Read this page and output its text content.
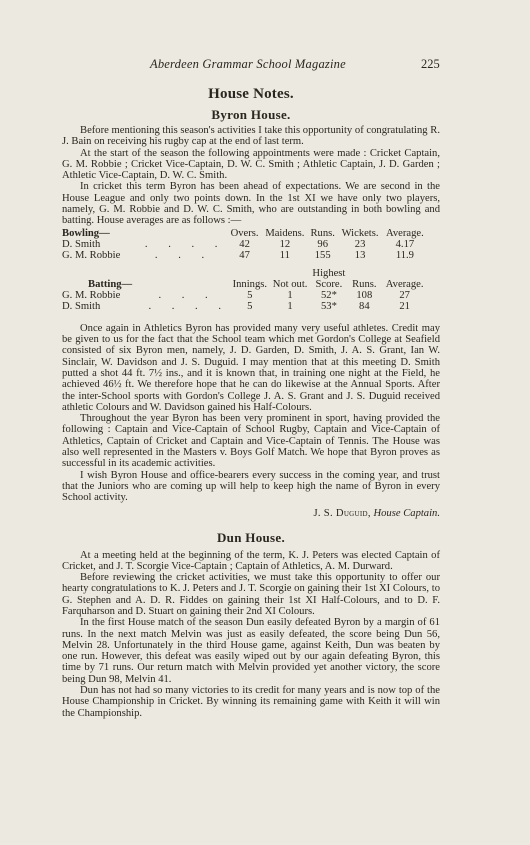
Aberdeen Grammar School Magazine	225
House Notes.
Byron House.

Before mentioning this season's activities I take this opportunity of congratulating R. J. Bain on receiving his rugby cap at the end of last term.

At the start of the season the following appointments were made : Cricket Captain, G. M. Robbie ; Cricket Vice-Captain, D. W. C. Smith ; Athletic Captain, J. D. Garden ; Athletic Vice-Captain, D. W. C. Smith.

In cricket this term Byron has been ahead of expectations. We are second in the House League and only two points down. In the 1st XI we have only two players, namely, G. M. Robbie and D. W. C. Smith, who are outstanding in both bowling and batting. House averages are as follows :—

Bowling—		Overs.	Maidens.	Runs.	Wickets.	Average.
D. Smith	. . . .	42	12	96	23	4.17
G. M. Robbie	. . .	47	11	155	13	11.9
				Highest		
Batting—		Innings.	Not out.	Score.	Runs.	Average.
G. M. Robbie	. . .	5	1	52*	108	27
D. Smith	. . . .	5	1	53*	84	21

Once again in Athletics Byron has provided many very useful athletes. Credit may be given to us for the fact that the School team which met Gordon's College at Seafield consisted of six Byron men, namely, J. D. Garden, D. Smith, J. A. S. Grant, Ian W. Sinclair, W. Davidson and J. S. Duguid. I may mention that at this meeting D. Smith putted a shot 44 ft. 7½ ins., and it is known that, in training one night at the Field, he achieved 46½ ft. We therefore hope that he can do likewise at the Annual Sports. After the inter-School sports with Gordon's College J. A. S. Grant and J. S. Duguid received athletic Colours and W. Davidson gained his Half-Colours.

Throughout the year Byron has been very prominent in sport, having provided the following : Captain and Vice-Captain of School Rugby, Captain and Vice-Captain of Athletics, Captain of Cricket and Captain and Vice-Captain of Tennis. The House was also well represented in the Masters v. Boys Golf Match. We hope that Byron proves as successful in its academic activities.

I wish Byron House and office-bearers every success in the coming year, and trust that the Juniors who are coming up will help to keep high the name of Byron in every School activity.

J. S. Duguid, House Captain.
Dun House.

At a meeting held at the beginning of the term, K. J. Peters was elected Captain of Cricket, and J. T. Scorgie Vice-Captain ; Captain of Athletics, A. M. Durward.

Before reviewing the cricket activities, we must take this opportunity to offer our hearty congratulations to K. J. Peters and J. T. Scorgie on gaining their 1st XI Colours, to G. Stephen and A. D. R. Fiddes on gaining their 1st XI Half-Colours, and to D. F. Farquharson and D. Stuart on gaining their 2nd XI Colours.

In the first House match of the season Dun easily defeated Byron by a margin of 61 runs. In the next match Melvin was just as easily defeated, the score being Dun 56, Melvin 28. Unfortunately in the third House game, against Keith, Dun was beaten by one run. However, this defeat was easily wiped out by our again defeating Byron, this time by 71 runs. Our return match with Melvin provided yet another victory, the score being Dun 98, Melvin 41.

Dun has not had so many victories to its credit for many years and is now top of the House Championship in Cricket. By winning its remaining game with Keith it will win the Championship.
